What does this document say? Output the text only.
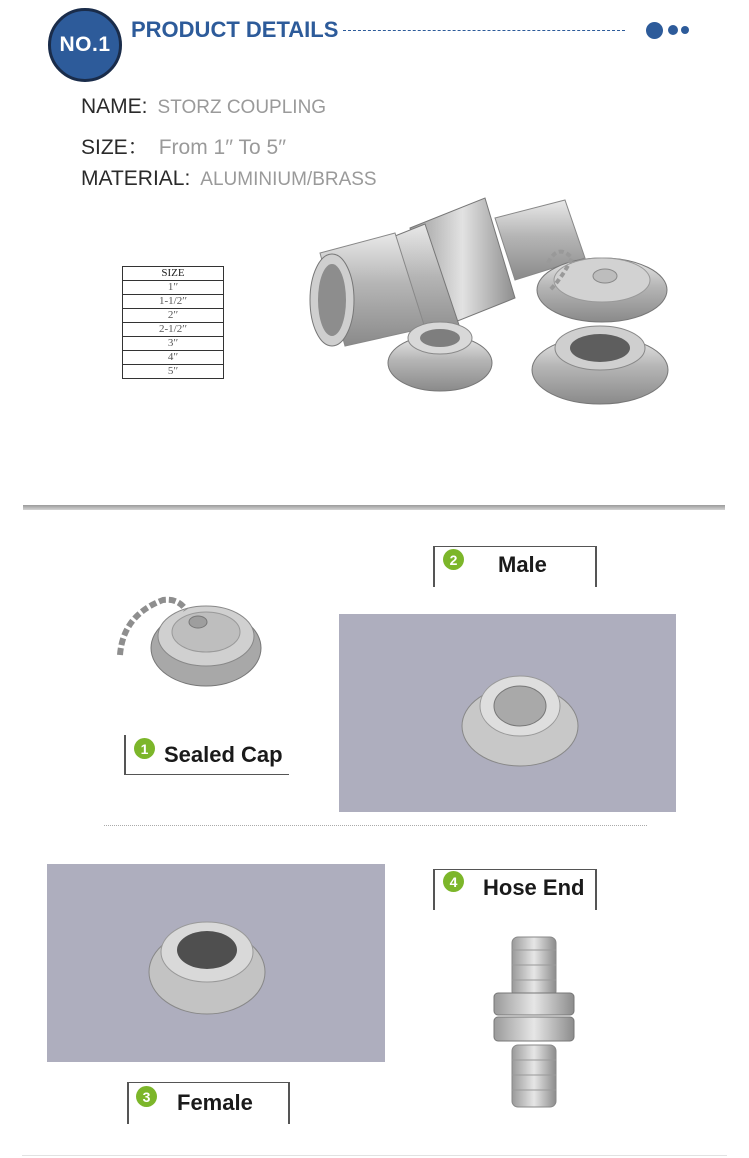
NO.1
PRODUCT DETAILS
NAME: STORZ COUPLING
SIZE： From 1′′ To 5′′
MATERIAL: ALUMINIUM/BRASS
SIZE
1′′
1-1/2′′
2′′
2-1/2′′
3′′
4′′
5′′
1 Sealed Cap
2 Male
3 Female
4 Hose End
